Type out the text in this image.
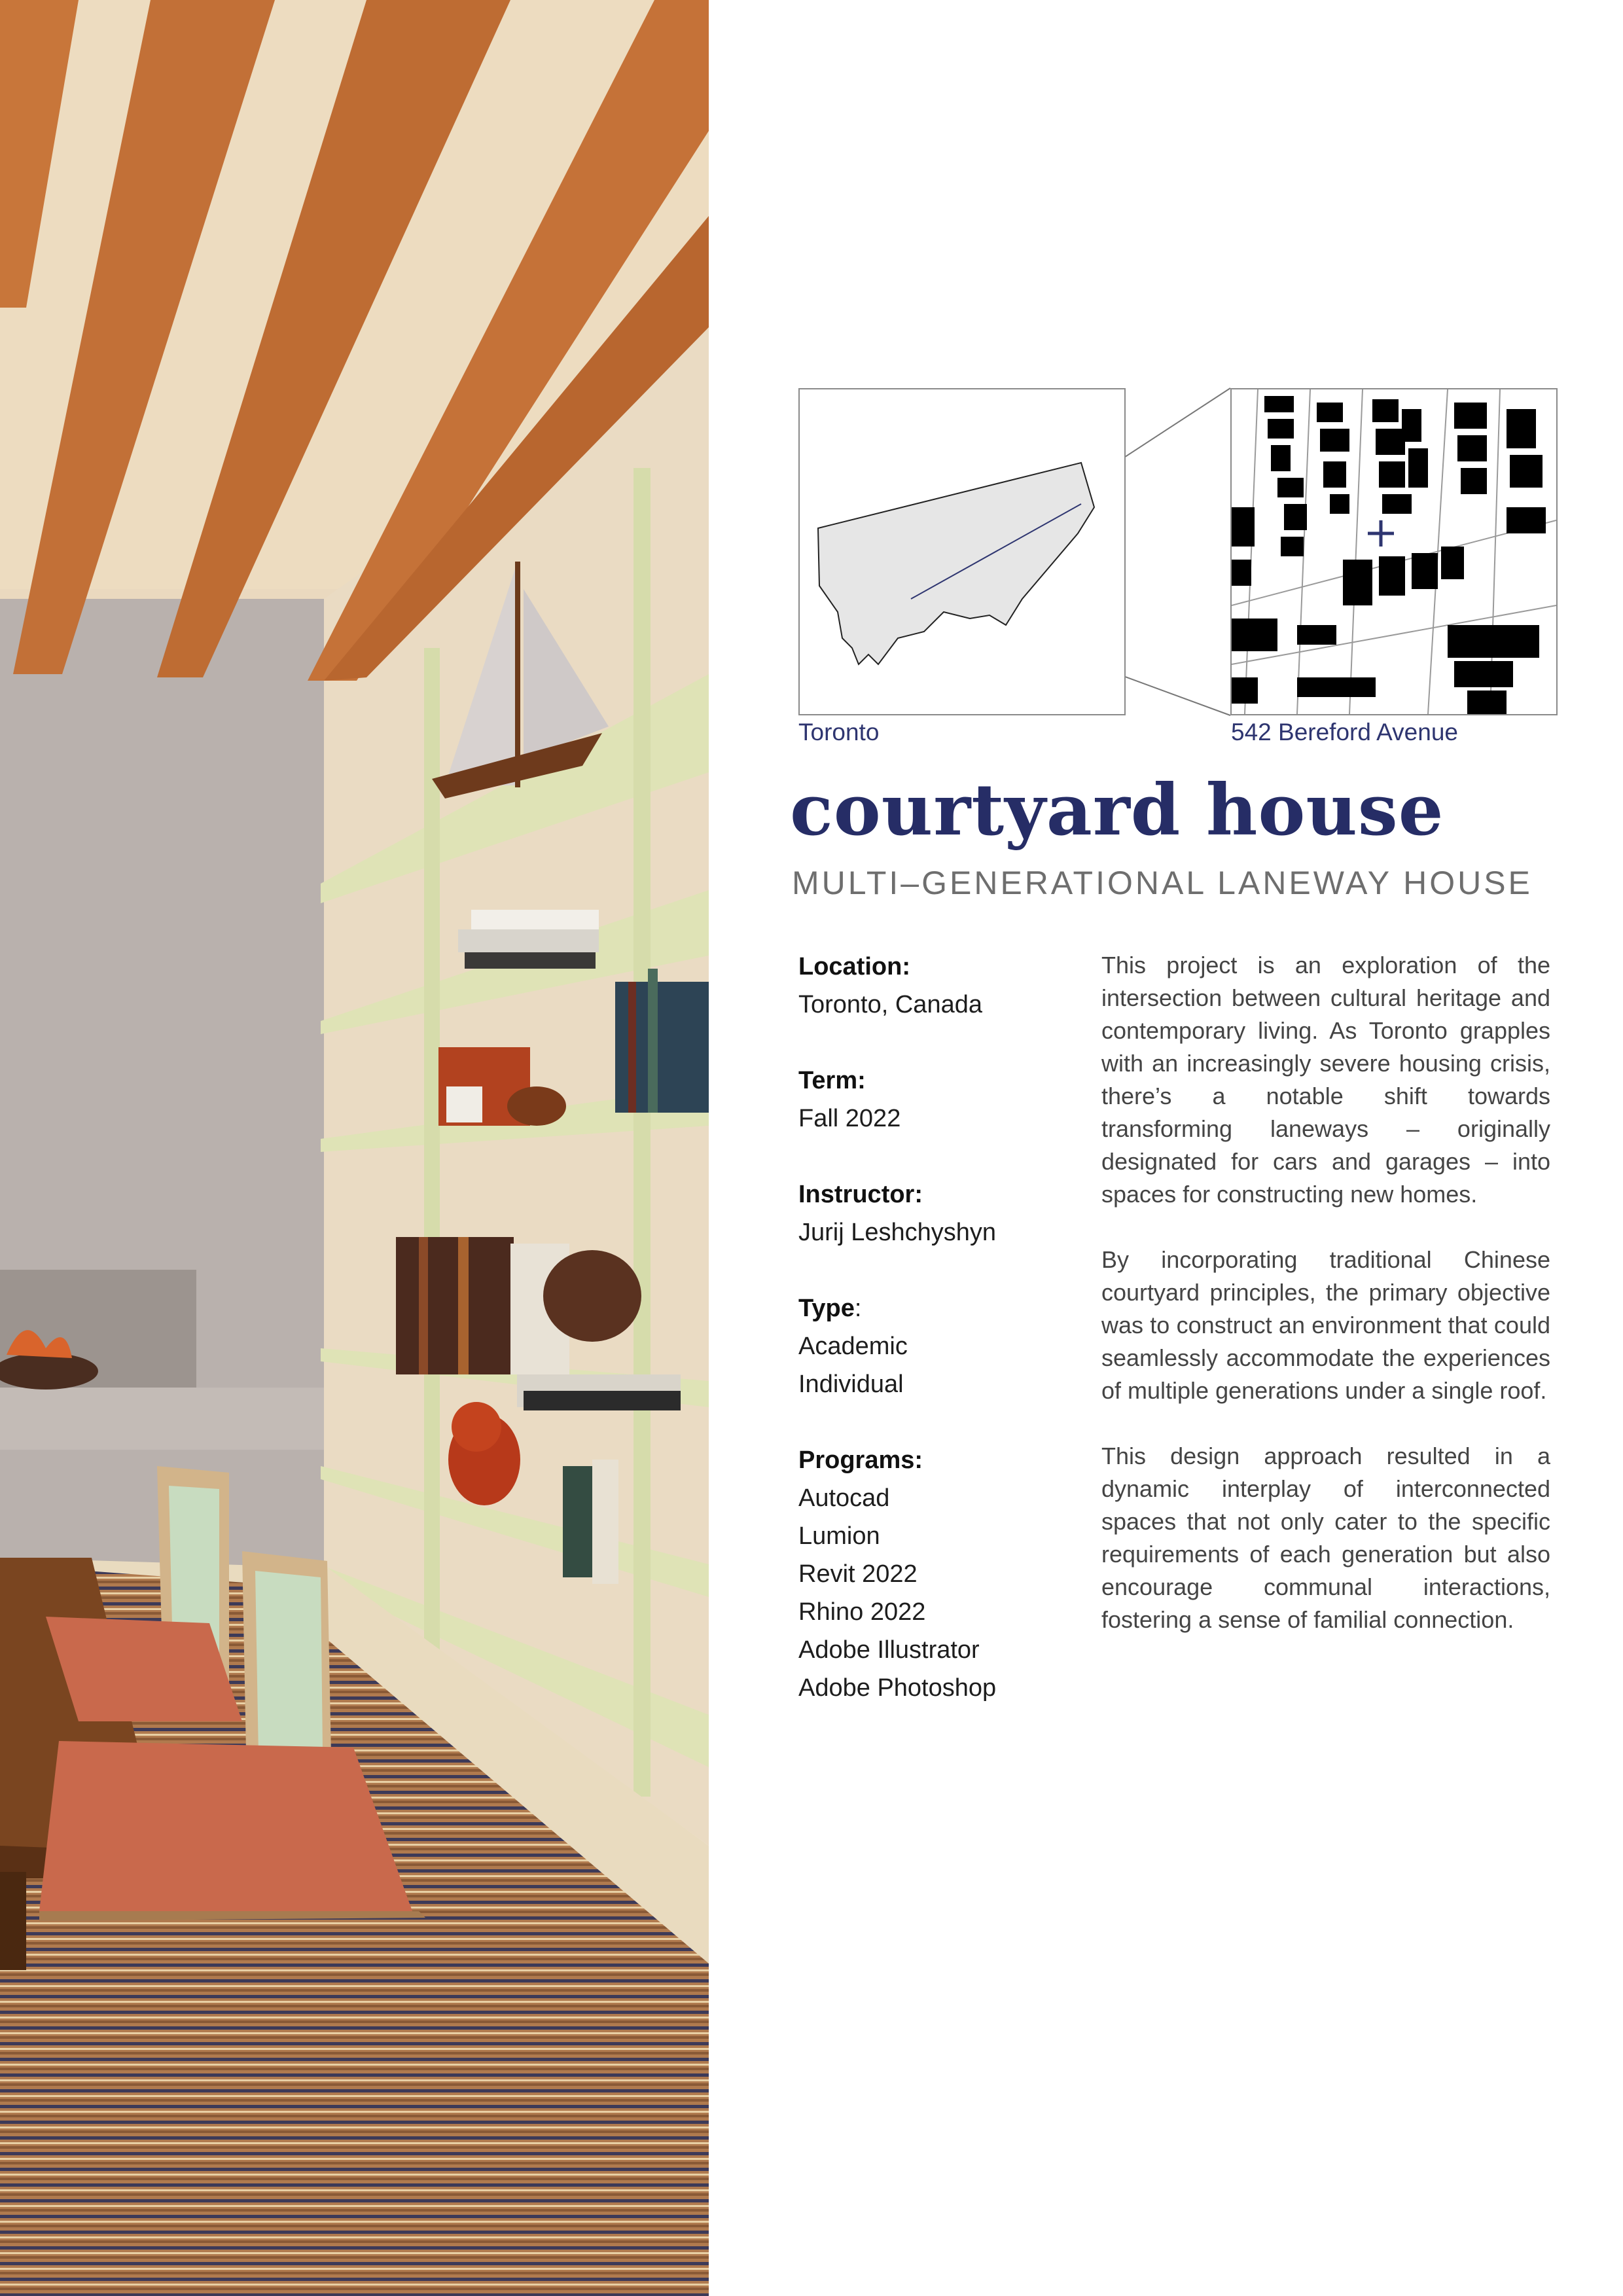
Toronto	542 Bereford Avenue
courtyard house
MULTI–GENERATIONAL LANEWAY HOUSE
Location:
Toronto, Canada
Term:
Fall 2022
Instructor:
Jurij Leshchyshyn
Type:
Academic
Individual
Programs:
Autocad
Lumion
Revit 2022
Rhino 2022
Adobe Illustrator
Adobe Photoshop

This project is an exploration of the intersection between cultural heritage and contemporary living. As Toronto grapples with an increasingly severe housing crisis, there’s a notable shift towards transforming laneways – originally designated for cars and garages – into spaces for constructing new homes.

By incorporating traditional Chinese courtyard principles, the primary objective was to construct an environment that could seamlessly accommodate the experiences of multiple generations under a single roof.

This design approach resulted in a dynamic interplay of interconnected spaces that not only cater to the specific requirements of each generation but also encourage communal interactions, fostering a sense of familial connection.
